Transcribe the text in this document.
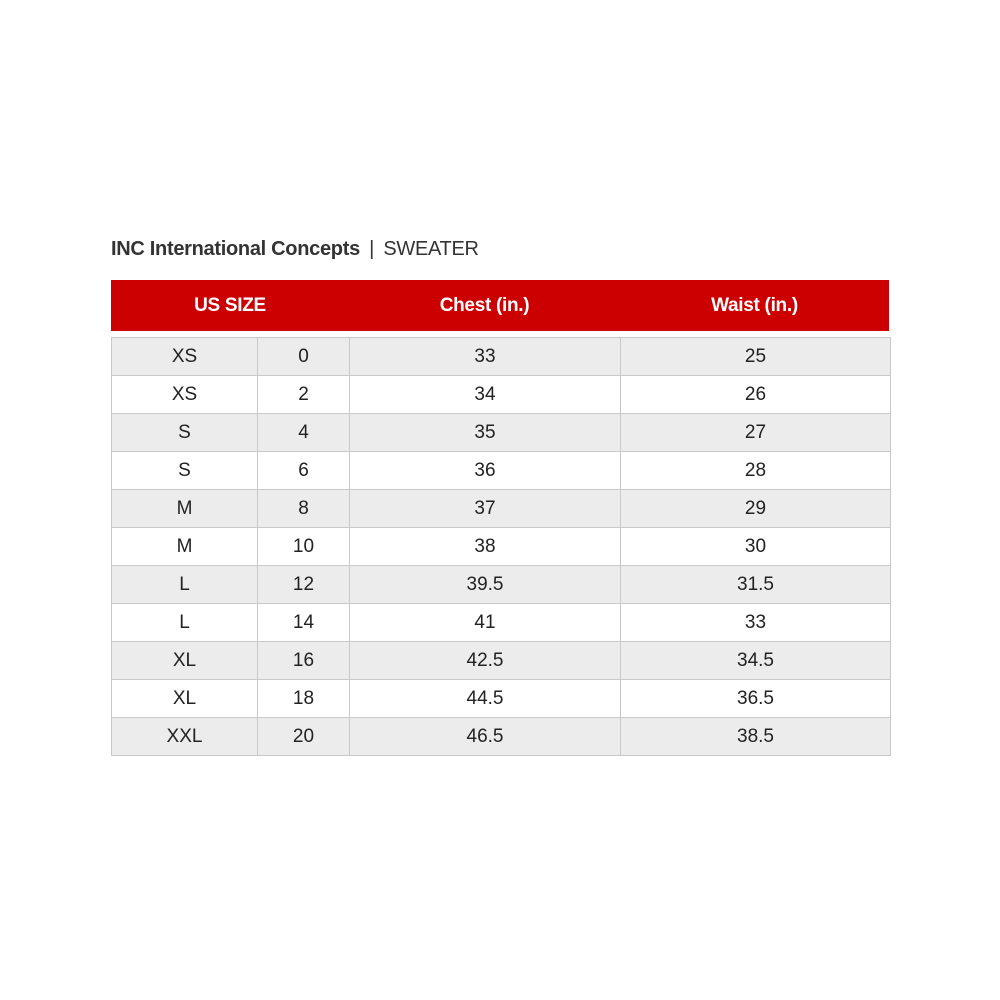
INC International Concepts | SWEATER
US SIZE	Chest (in.)	Waist (in.)
XS	0	33	25
XS	2	34	26
S	4	35	27
S	6	36	28
M	8	37	29
M	10	38	30
L	12	39.5	31.5
L	14	41	33
XL	16	42.5	34.5
XL	18	44.5	36.5
XXL	20	46.5	38.5
